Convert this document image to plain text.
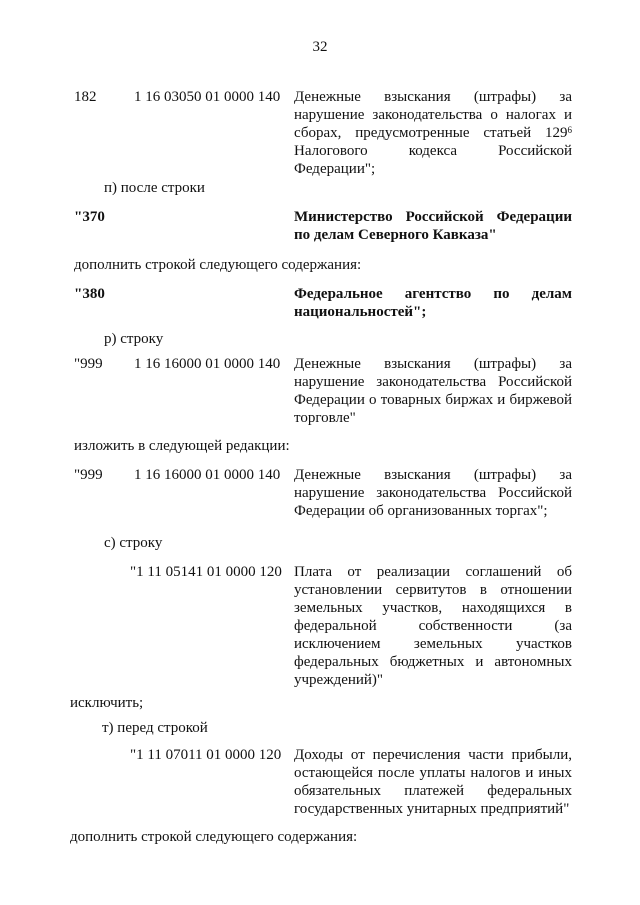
32
182	1 16 03050 01 0000 140 Денежные взыскания (штрафы) за
нарушение законодательства о налогах и
сборах, предусмотренные статьей $129^6$
Налогового кодекса Российской
Федерации";
п) после строки
"370	Министерство Российской Федерации
по делам Северного Кавказа"
дополнить строкой следующего содержания:
"380	Федеральное агентство по делам
национальностей";
р) строку
"999 1 16 16000 01 0000 140 Денежные взыскания (штрафы) за
нарушение законодательства Российской
Федерации о товарных биржах и биржевой
торговле"
изложить в следующей редакции:
"999 1 16 16000 01 0000 140 Денежные взыскания (штрафы) за
нарушение законодательства Российской
Федерации об организованных торгах";
с) строку
"1 11 05141 01 0000 120 Плата от реализации соглашений об
установлении сервитутов в отношении
земельных участков, находящихся в
федеральной собственности (за
исключением земельных участков
федеральных бюджетных и автономных
учреждений)"
исключить;
т) перед строкой
"1 11 07011 01 0000 120 Доходы от перечисления части прибыли,
остающейся после уплаты налогов и иных
обязательных платежей федеральных
государственных унитарных предприятий"
дополнить строкой следующего содержания:
